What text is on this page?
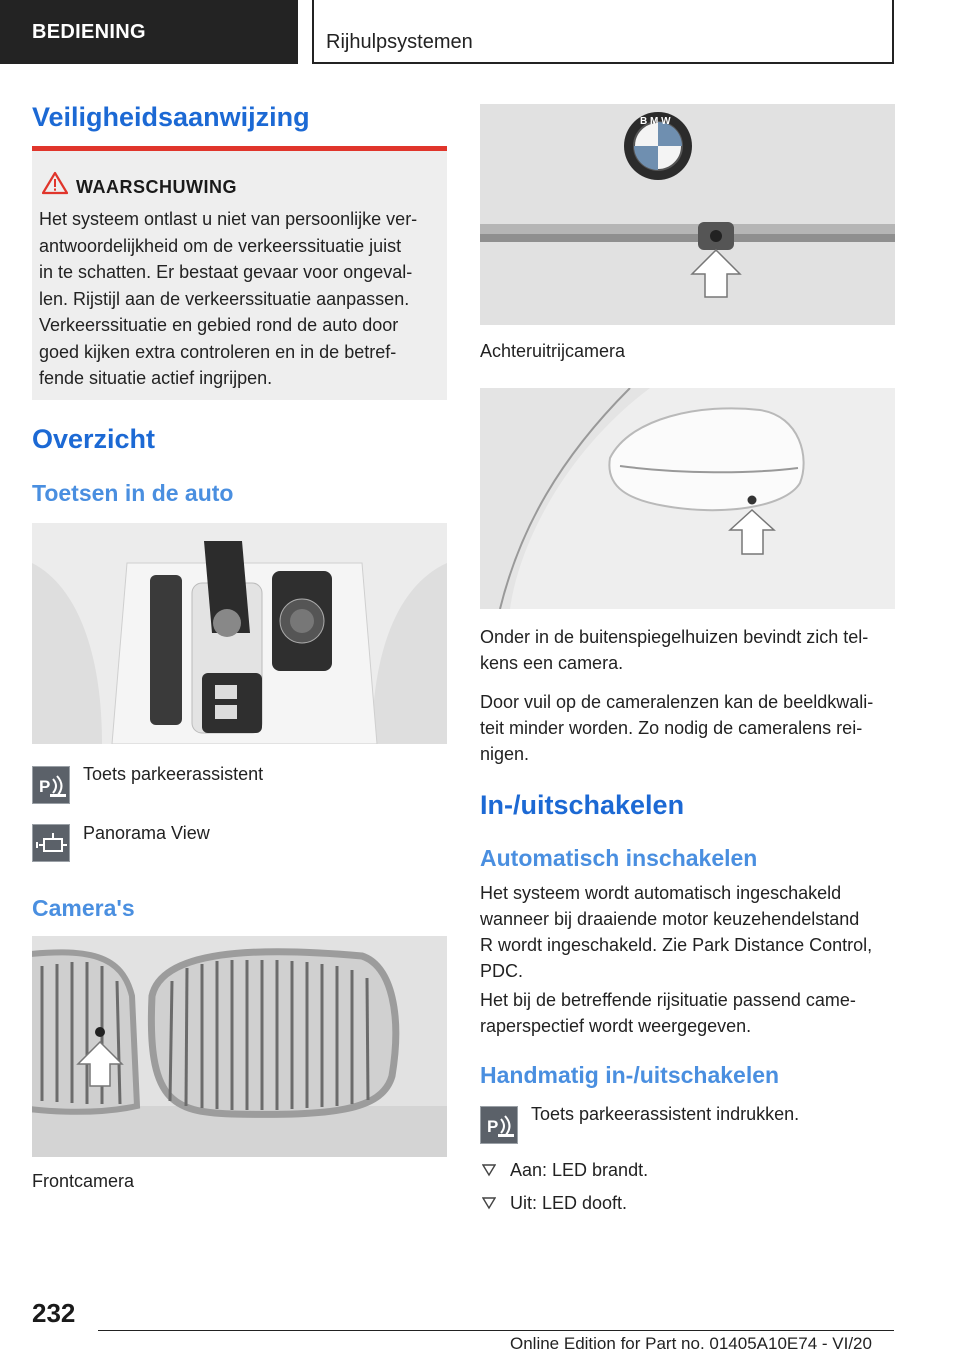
BEDIENING	Rijhulpsystemen
Veiligheidsaanwijzing
WAARSCHUWING
Het systeem ontlast u niet van persoonlijke ver-
antwoordelijkheid om de verkeerssituatie juist
in te schatten. Er bestaat gevaar voor ongeval-
len. Rijstijl aan de verkeerssituatie aanpassen.
Verkeerssituatie en gebied rond de auto door
goed kijken extra controleren en in de betref-
fende situatie actief ingrijpen.
Overzicht
Toetsen in de auto
P
Toets parkeerassistent
Panorama View
Camera's
Frontcamera
B M W
Achteruitrijcamera
Onder in de buitenspiegelhuizen bevindt zich tel-
kens een camera.
Door vuil op de cameralenzen kan de beeldkwali-
teit minder worden. Zo nodig de cameralens rei-
nigen.
In-/uitschakelen
Automatisch inschakelen
Het systeem wordt automatisch ingeschakeld
wanneer bij draaiende motor keuzehendelstand
R wordt ingeschakeld. Zie Park Distance Control,
PDC.
Het bij de betreffende rijsituatie passend came-
raperspectief wordt weergegeven.
Handmatig in-/uitschakelen
P
Toets parkeerassistent indrukken.
Aan: LED brandt.
Uit: LED dooft.
232
Online Edition for Part no. 01405A10E74 - VI/20
